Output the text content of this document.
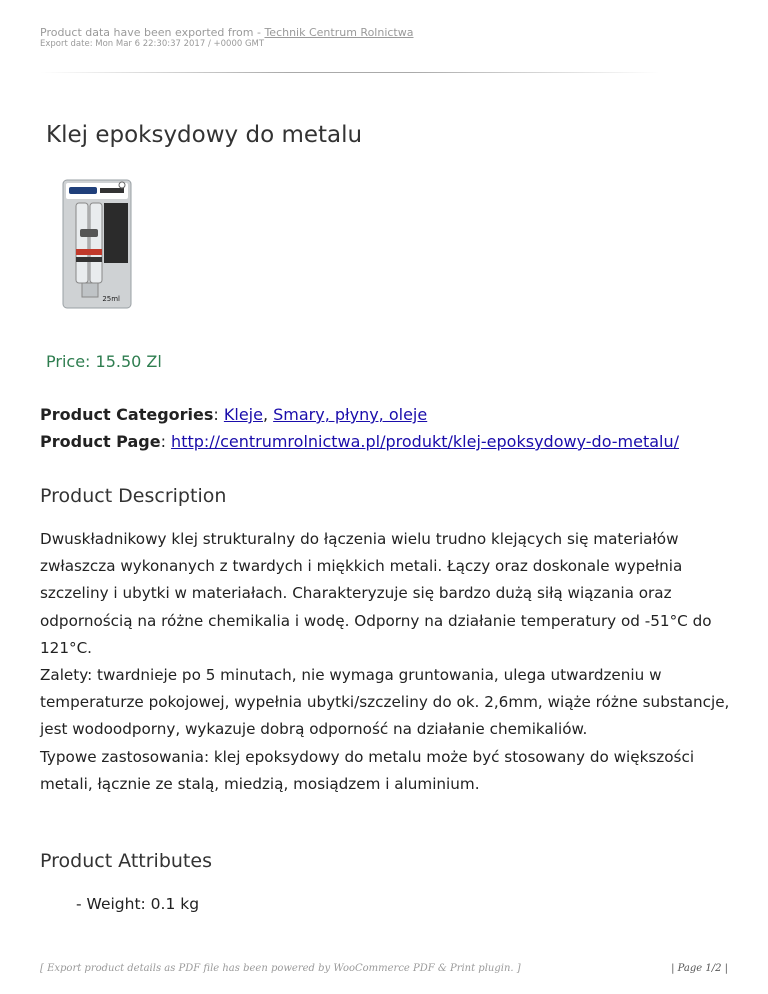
Product data have been exported from - Technik Centrum Rolnictwa
Export date: Mon Mar 6 22:30:37 2017 / +0000 GMT
Klej epoksydowy do metalu
25ml
Price: 15.50 Zl
Product Categories: Kleje, Smary, płyny, oleje
Product Page: http://centrumrolnictwa.pl/produkt/klej-epoksydowy-do-metalu/
Product Description

Dwuskładnikowy klej strukturalny do łączenia wielu trudno klejących się materiałów zwłaszcza wykonanych z twardych i miękkich metali. Łączy oraz doskonale wypełnia szczeliny i ubytki w materiałach. Charakteryzuje się bardzo dużą siłą wiązania oraz odpornością na różne chemikalia i wodę. Odporny na działanie temperatury od -51°C do 121°C.

Zalety: twardnieje po 5 minutach, nie wymaga gruntowania, ulega utwardzeniu w temperaturze pokojowej, wypełnia ubytki/szczeliny do ok. 2,6mm, wiąże różne substancje, jest wodoodporny, wykazuje dobrą odporność na działanie chemikaliów.

Typowe zastosowania: klej epoksydowy do metalu może być stosowany do większości metali, łącznie ze stalą, miedzią, mosiądzem i aluminium.

Product Attributes
- Weight: 0.1 kg
[ Export product details as PDF file has been powered by WooCommerce PDF & Print plugin. ]	| Page 1/2 |
